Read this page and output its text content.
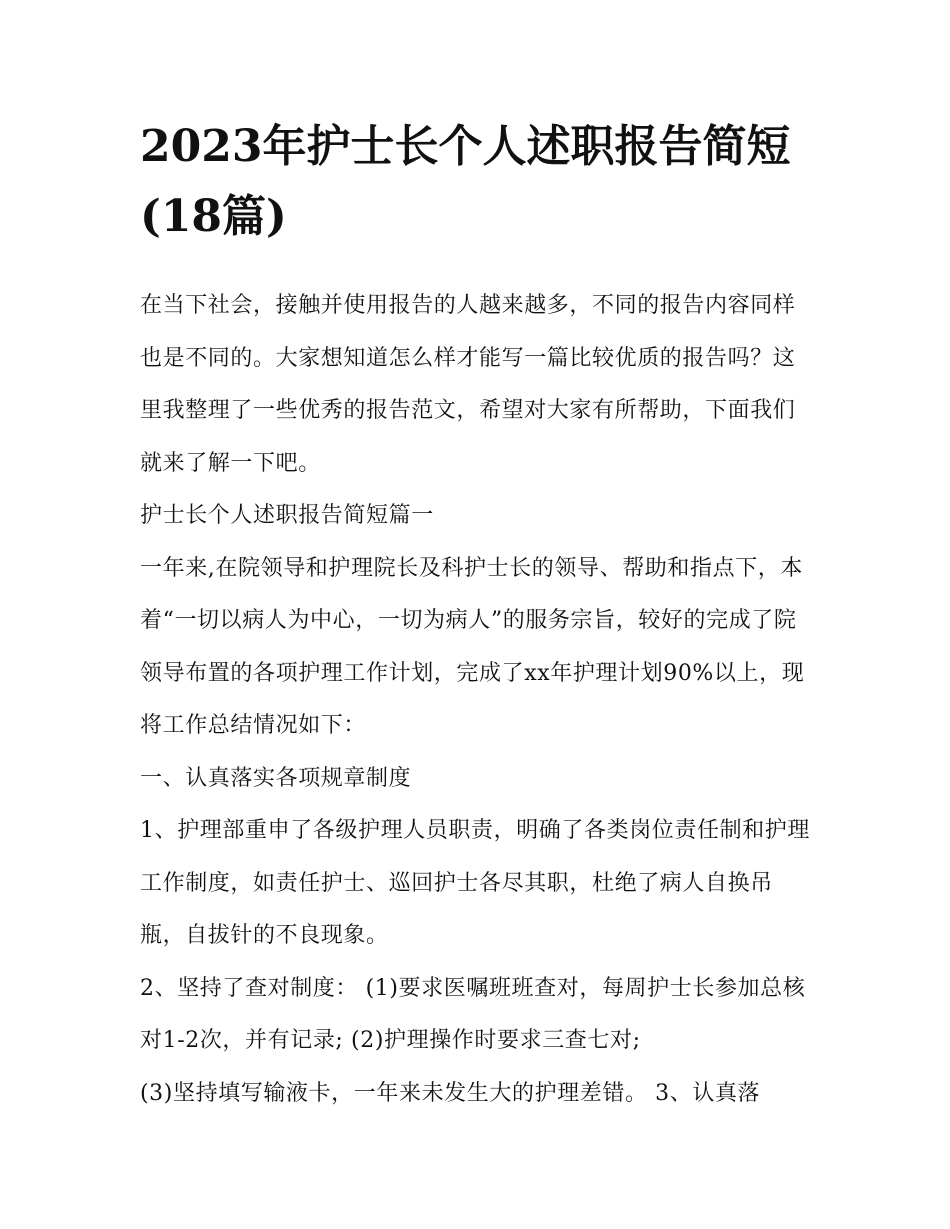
2023年护士长个人述职报告简短(18篇)

在当下社会，接触并使用报告的人越来越多，不同的报告内容同样也是不同的。大家想知道怎么样才能写一篇比较优质的报告吗？这里我整理了一些优秀的报告范文，希望对大家有所帮助，下面我们就来了解一下吧。

护士长个人述职报告简短篇一

一年来,在院领导和护理院长及科护士长的领导、帮助和指点下，本着“一切以病人为中心，一切为病人”的服务宗旨，较好的完成了院领导布置的各项护理工作计划，完成了xx年护理计划90%以上，现将工作总结情况如下：

一、认真落实各项规章制度

1、护理部重申了各级护理人员职责，明确了各类岗位责任制和护理工作制度，如责任护士、巡回护士各尽其职，杜绝了病人自换吊瓶，自拔针的不良现象。

2、坚持了查对制度： (1)要求医嘱班班查对，每周护士长参加总核对1-2次，并有记录; (2)护理操作时要求三查七对;

(3)坚持填写输液卡，一年来未发生大的护理差错。 3、认真落
